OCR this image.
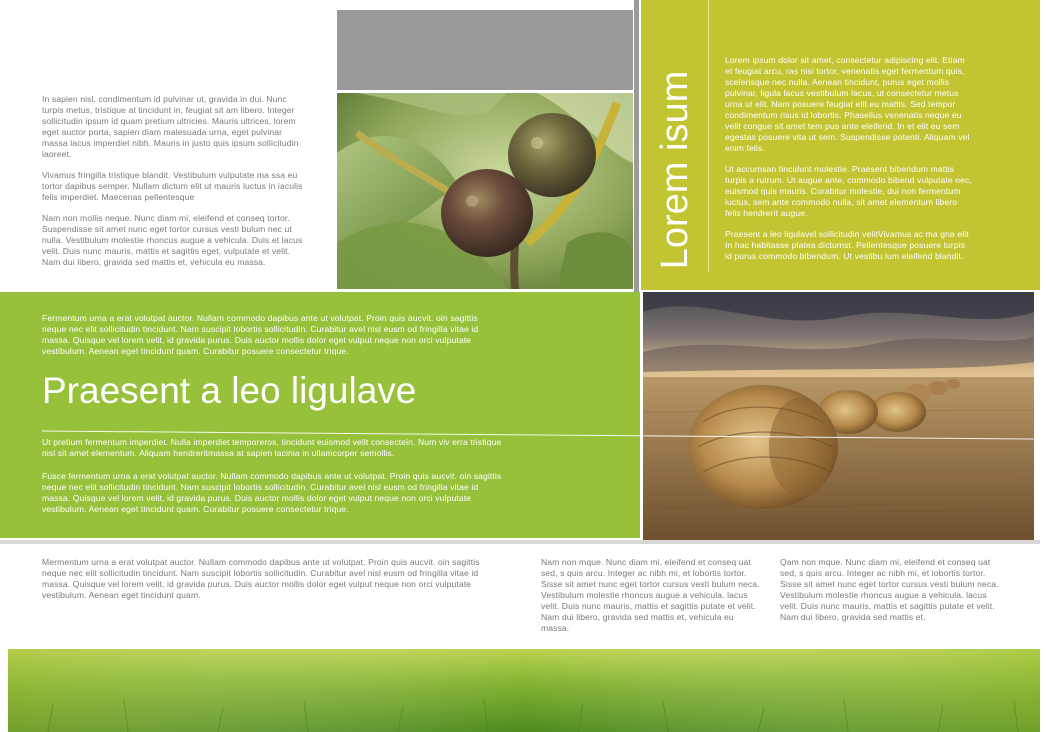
In sapien nisl, condimentum id pulvinar ut, gravida in dui. Nunc turpis metus, tristique at tincidunt in, feugiat sit am libero. Integer sollicitudin ipsum id quam pretium ultricies. Mauris ultrices, lorem eget auctor porta, sapien diam malesuada urna, eget pulvinar massa lacus imperdiet nibh. Mauris in justo quis ipsum sollicitudin laoreet.

Vivamus fringilla tristique blandit. Vestibulum vulputate ma ssa eu tortor dapibus semper. Nullam dictum elit ut mauris luctus in iaculis felis imperdiet. Maecenas pellentesque

Nam non mollis neque. Nunc diam mi, eleifend et conseq tortor. Suspendisse sit amet nunc eget tortor cursus vesti bulum nec ut nulla. Vestibulum molestie rhoncus augue a vehicula. Duis et lacus velit. Duis nunc mauris, mattis et sagittis eget, vulputate et velit. Nam dui libero, gravida sed mattis et, vehicula eu massa.	Lorem isum

Lorem ipsum dolor sit amet, consectetur adipiscing elit. Etiam et feugiat arcu, ras nisi tortor, venenatis eget fermentum quis, scelerisque nec nulla. Aenean tincidunt, purus eget mollis pulvinar, ligula lacus vestibulum lacus, ut consectetur metus urna ut elit. Nam posuere feugiat elit eu mattis. Sed tempor condimentum risus id lobortis. Phasellus venenatis neque eu velit congue sit amet tem pus ante eleifend. In et elit eu sem egestas posuere vita ut sem. Suspendisse potenti. Aliquam vel enim felis.

Ut accumsan tincidunt molestie. Praesent bibendum mattis turpis a rutrum. Ut augue ante, commodo bibend vulputate nec, euismod quis mauris. Curabitur molestie, dui non fermentum luctus, sem ante commodo nulla, sit amet elementum libero felis hendrerit augue.

Praesent a leo ligulavel sollicitudin velitVivamus ac ma gna elit In hac habitasse platea dictumst. Pellentesque posuere turpis id purus commodo bibendum. Ut vestibu lum eleifend blandit.

Fermentum urna a erat volutpat auctor. Nullam commodo dapibus ante ut volutpat. Proin quis aucvit. oin sagittis neque nec elit sollicitudin tincidunt. Nam suscipit lobortis sollicitudin. Curabitur avel nisl eusm od fringilla vitae id massa. Quisque vel lorem velit, id gravida purus. Duis auctor mollis dolor eget vulput neque non orci vulputate vestibulum. Aenean eget tincidunt quam. Curabitur posuere consectetur trique.

Praesent a leo ligulave

Ut pretium fermentum imperdiet. Nulla imperdiet temporeros, tincidunt euismod velit consectein. Num viv erra tristique nisl sit amet elementum. Aliquam hendreritmassa at sapien lacinia in ullamcorper semollis.

Fusce fermentum urna a erat volutpat auctor. Nullam commodo dapibus ante ut volutpat. Proin quis aucvit. oin sagittis neque nec elit sollicitudin tincidunt. Nam suscipit lobortis sollicitudin. Curabitur avel nisl eusm od fringilla vitae id massa. Quisque vel lorem velit, id gravida purus. Duis auctor mollis dolor eget vulput neque non orci vulputate vestibulum. Aenean eget tincidunt quam. Curabitur posuere consectetur trique.

Mermentum urna a erat volutpat auctor. Nullam commodo dapibus ante ut volutpat. Proin quis aucvit. oin sagittis neque nec elit sollicitudin tincidunt. Nam suscipit lobortis sollicitudin. Curabitur avel nisl eusm od fringilla vitae id massa. Quisque vel lorem velit, id gravida purus. Duis auctor mollis dolor eget vulput neque non orci vulputate vestibulum. Aenean eget tincidunt quam.

Nam non mque. Nunc diam mi, eleifend et conseq uat sed, s quis arcu. Integer ac nibh mi, et lobortis tortor. Sisse sit amet nunc eget tortor cursus vesti bulum neca. Vestibulum molestie rhoncus augue a vehicula. lacus velit. Duis nunc mauris, mattis et sagittis putate et velit. Nam dui libero, gravida sed mattis et, vehicula eu massa.

Qam non mque. Nunc diam mi, eleifend et conseq uat sed, s quis arcu. Integer ac nibh mi, et lobortis tortor. Sisse sit amet nunc eget tortor cursus vesti bulum neca. Vestibulum molestie rhoncus augue a vehicula. lacus velit. Duis nunc mauris, mattis et sagittis putate et velit. Nam dui libero, gravida sed mattis et.
